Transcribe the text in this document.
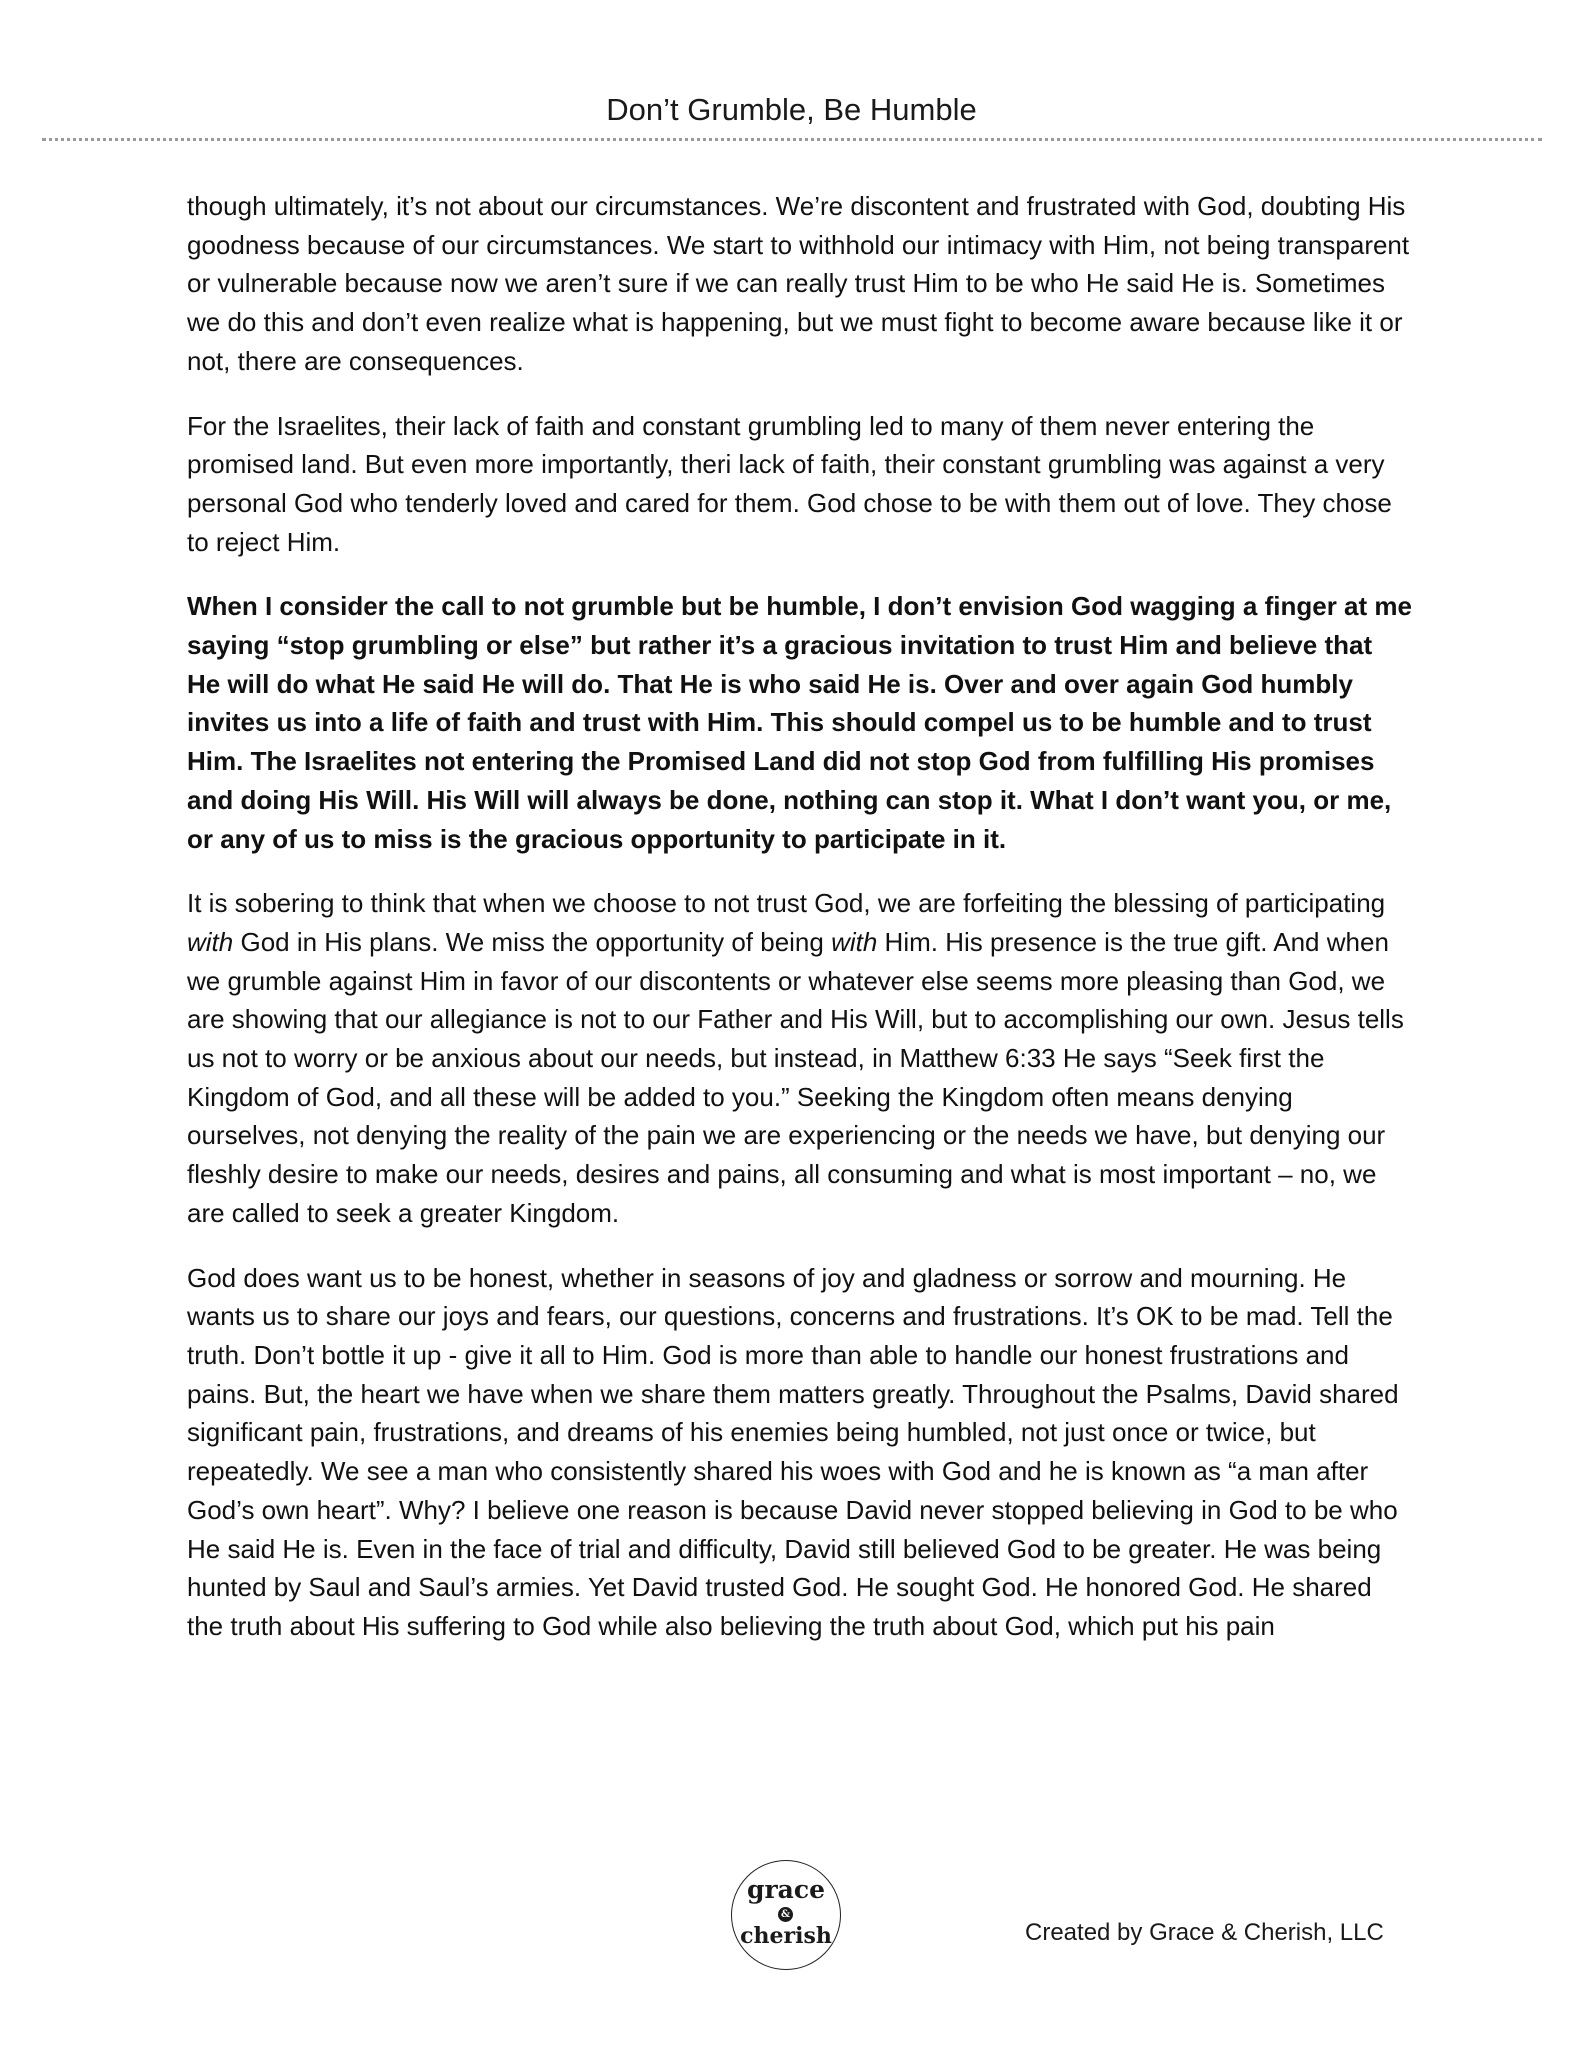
Don’t Grumble, Be Humble

though ultimately, it’s not about our circumstances. We’re discontent and frustrated with God, doubting His goodness because of our circumstances. We start to withhold our intimacy with Him, not being transparent or vulnerable because now we aren’t sure if we can really trust Him to be who He said He is. Sometimes we do this and don’t even realize what is happening, but we must fight to become aware because like it or not, there are consequences.

For the Israelites, their lack of faith and constant grumbling led to many of them never entering the promised land. But even more importantly, theri lack of faith, their constant grumbling was against a very personal God who tenderly loved and cared for them. God chose to be with them out of love. They chose to reject Him.

When I consider the call to not grumble but be humble, I don’t envision God wagging a finger at me saying “stop grumbling or else” but rather it’s a gracious invitation to trust Him and believe that He will do what He said He will do. That He is who said He is. Over and over again God humbly invites us into a life of faith and trust with Him. This should compel us to be humble and to trust Him. The Israelites not entering the Promised Land did not stop God from fulfilling His promises and doing His Will. His Will will always be done, nothing can stop it. What I don’t want you, or me, or any of us to miss is the gracious opportunity to participate in it.

It is sobering to think that when we choose to not trust God, we are forfeiting the blessing of participating with God in His plans. We miss the opportunity of being with Him. His presence is the true gift. And when we grumble against Him in favor of our discontents or whatever else seems more pleasing than God, we are showing that our allegiance is not to our Father and His Will, but to accomplishing our own. Jesus tells us not to worry or be anxious about our needs, but instead, in Matthew 6:33 He says “Seek first the Kingdom of God, and all these will be added to you.” Seeking the Kingdom often means denying ourselves, not denying the reality of the pain we are experiencing or the needs we have, but denying our fleshly desire to make our needs, desires and pains, all consuming and what is most important – no, we are called to seek a greater Kingdom.

God does want us to be honest, whether in seasons of joy and gladness or sorrow and mourning. He wants us to share our joys and fears, our questions, concerns and frustrations. It’s OK to be mad. Tell the truth. Don’t bottle it up - give it all to Him. God is more than able to handle our honest frustrations and pains. But, the heart we have when we share them matters greatly. Throughout the Psalms, David shared significant pain, frustrations, and dreams of his enemies being humbled, not just once or twice, but repeatedly. We see a man who consistently shared his woes with God and he is known as “a man after God’s own heart”. Why? I believe one reason is because David never stopped believing in God to be who He said He is. Even in the face of trial and difficulty, David still believed God to be greater. He was being hunted by Saul and Saul’s armies. Yet David trusted God. He sought God. He honored God. He shared the truth about His suffering to God while also believing the truth about God, which put his pain

grace
&
cherish	Created by Grace & Cherish, LLC
